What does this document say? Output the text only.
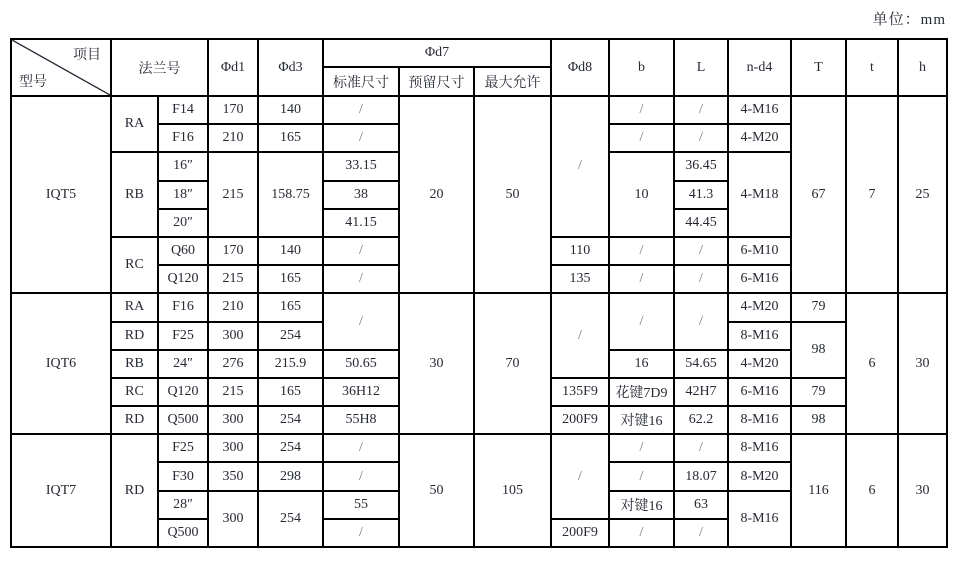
单位：mm
项目
型号	法兰号		Φd1	Φd3	Φd7			Φd8	b	L	n-d4	T	t	h
					标准尺寸	预留尺寸	最大允许							
IQT5	RA	F14	170	140	/	20	50	/	/	/	4-M16	67	7	25
		F16	210	165	/				/	/	4-M20			
	RB	16″	215	158.75	33.15				10	36.45	4-M18			
		18″			38					41.3				
		20″			41.15					44.45				
	RC	Q60	170	140	/			110	/	/	6-M10			
		Q120	215	165	/			135	/	/	6-M16			
IQT6	RA	F16	210	165	/	30	70	/	/	/	4-M20	79	6	30
	RD	F25	300	254							8-M16	98		
	RB	24″	276	215.9	50.65				16	54.65	4-M20			
	RC	Q120	215	165	36H12			135F9	花键7D9	42H7	6-M16	79		
	RD	Q500	300	254	55H8			200F9	对键16	62.2	8-M16	98		
IQT7	RD	F25	300	254	/	50	105	/	/	/	8-M16	116	6	30
		F30	350	298	/				/	18.07	8-M20			
		28″	300	254	55				对键16	63	8-M16			
		Q500			/			200F9	/	/				
